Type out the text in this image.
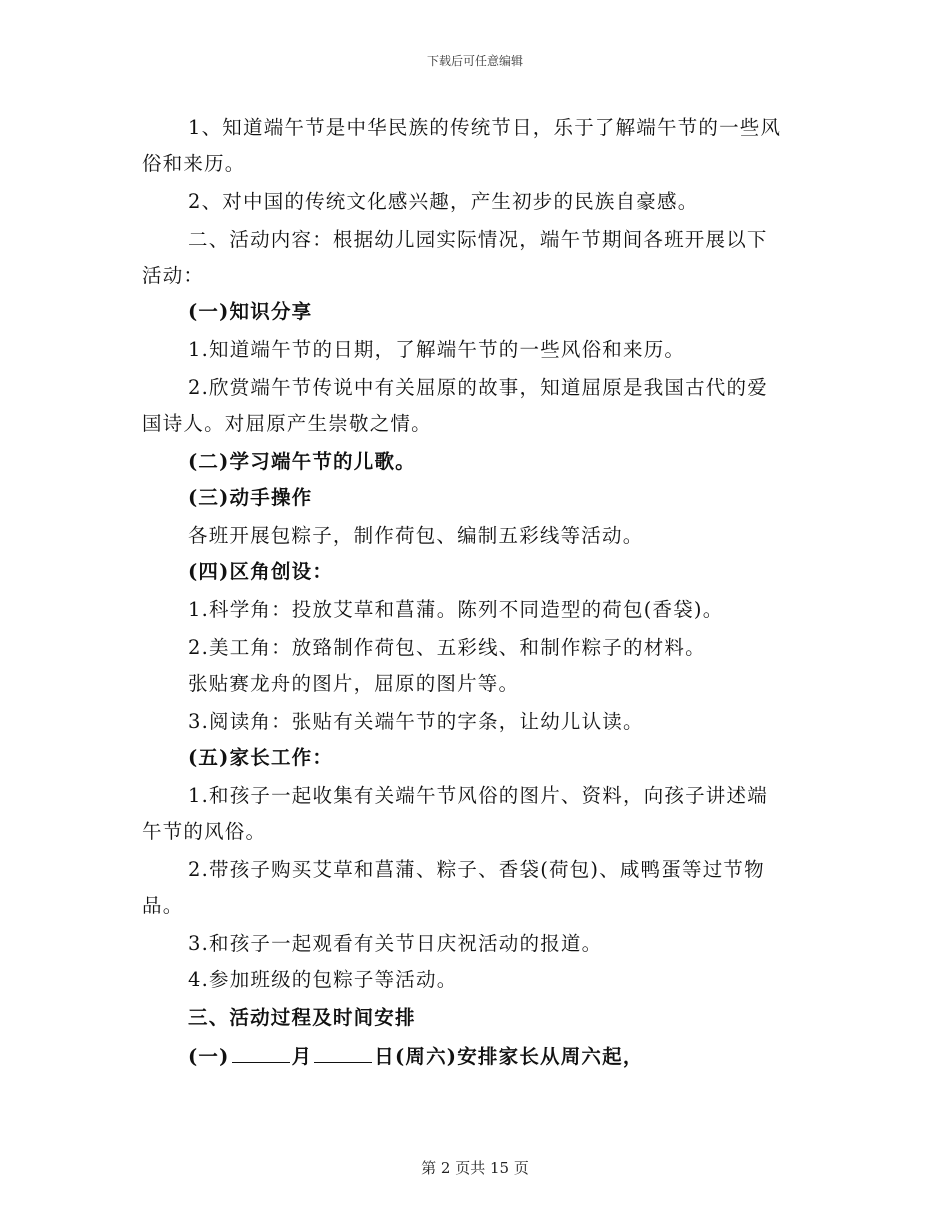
下载后可任意编辑
1、知道端午节是中华民族的传统节日，乐于了解端午节的一些风
俗和来历。
2、对中国的传统文化感兴趣，产生初步的民族自豪感。
二、活动内容：根据幼儿园实际情况，端午节期间各班开展以下
活动：
(一)知识分享
1.知道端午节的日期，了解端午节的一些风俗和来历。
2.欣赏端午节传说中有关屈原的故事，知道屈原是我国古代的爱
国诗人。对屈原产生崇敬之情。
(二)学习端午节的儿歌。
(三)动手操作
各班开展包粽子，制作荷包、编制五彩线等活动。
(四)区角创设：
1.科学角：投放艾草和菖蒲。陈列不同造型的荷包(香袋)。
2.美工角：放臵制作荷包、五彩线、和制作粽子的材料。
张贴赛龙舟的图片，屈原的图片等。
3.阅读角：张贴有关端午节的字条，让幼儿认读。
(五)家长工作：
1.和孩子一起收集有关端午节风俗的图片、资料，向孩子讲述端
午节的风俗。
2.带孩子购买艾草和菖蒲、粽子、香袋(荷包)、咸鸭蛋等过节物
品。
3.和孩子一起观看有关节日庆祝活动的报道。
4.参加班级的包粽子等活动。
三、活动过程及时间安排
(一)	月	日(周六)安排家长从周六起，
第 2 页共 15 页
